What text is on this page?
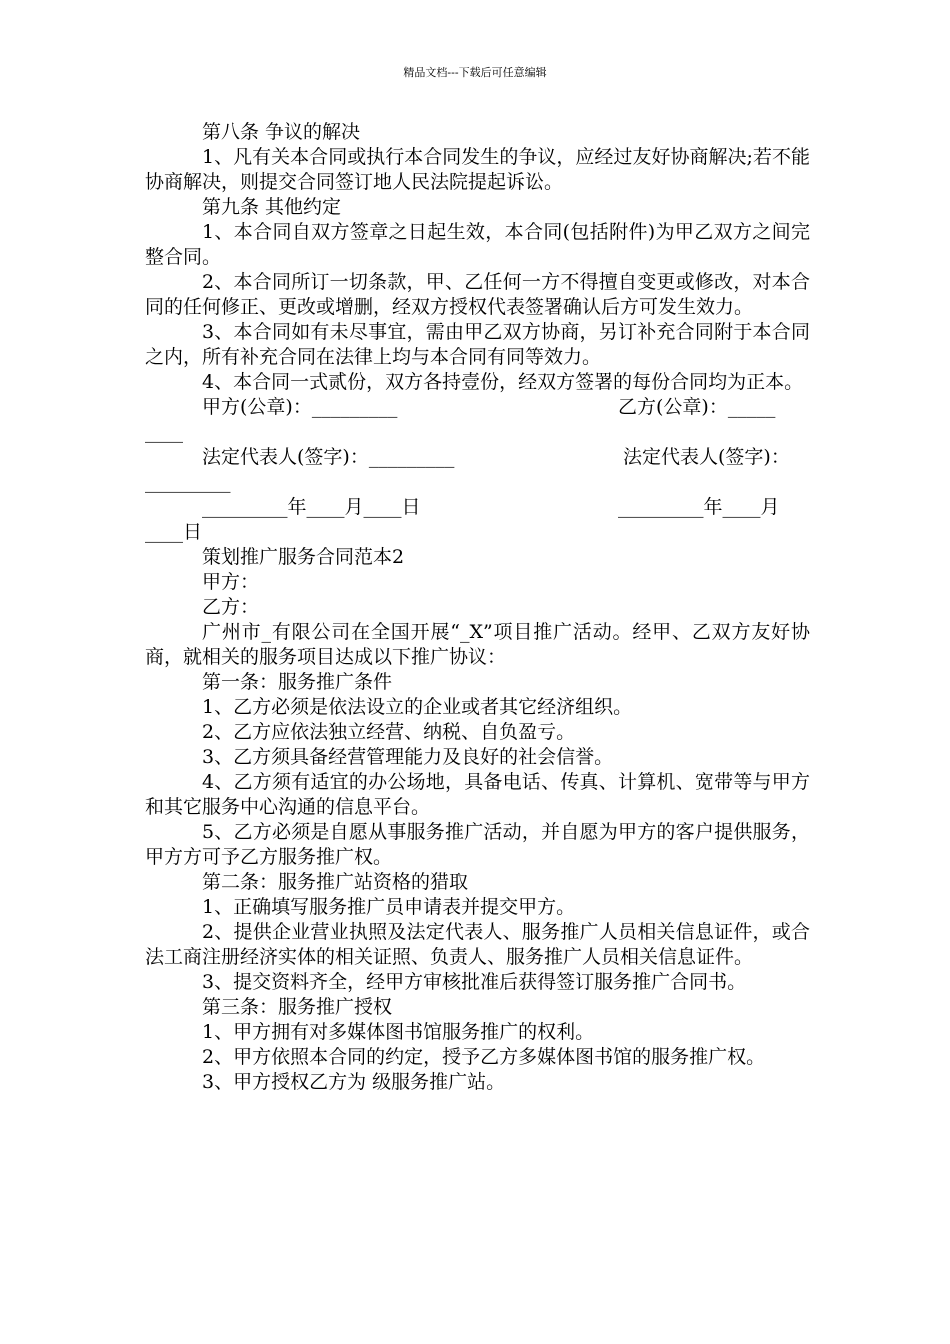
精品文档---下载后可任意编辑

第八条 争议的解决

1、凡有关本合同或执行本合同发生的争议，应经过友好协商解决;若不能协商解决，则提交合同签订地人民法院提起诉讼。

第九条 其他约定

1、本合同自双方签章之日起生效，本合同(包括附件)为甲乙双方之间完整合同。

2、本合同所订一切条款，甲、乙任何一方不得擅自变更或修改，对本合同的任何修正、更改或增删，经双方授权代表签署确认后方可发生效力。

3、本合同如有未尽事宜，需由甲乙双方协商，另订补充合同附于本合同之内，所有补充合同在法律上均与本合同有同等效力。

4、本合同一式贰份，双方各持壹份，经双方签署的每份合同均为正本。

甲方(公章)：_________	乙方(公章)：_____
____
法定代表人(签字)：_________	法定代表人(签字)：
_________
_________年____月____日	_________年____月
____日

策划推广服务合同范本2

甲方：

乙方：

广州市_有限公司在全国开展“_X”项目推广活动。经甲、乙双方友好协商，就相关的服务项目达成以下推广协议：

第一条：服务推广条件

1、乙方必须是依法设立的企业或者其它经济组织。

2、乙方应依法独立经营、纳税、自负盈亏。

3、乙方须具备经营管理能力及良好的社会信誉。

4、乙方须有适宜的办公场地，具备电话、传真、计算机、宽带等与甲方和其它服务中心沟通的信息平台。

5、乙方必须是自愿从事服务推广活动，并自愿为甲方的客户提供服务，甲方方可予乙方服务推广权。

第二条：服务推广站资格的猎取

1、正确填写服务推广员申请表并提交甲方。

2、提供企业营业执照及法定代表人、服务推广人员相关信息证件，或合法工商注册经济实体的相关证照、负责人、服务推广人员相关信息证件。

3、提交资料齐全，经甲方审核批准后获得签订服务推广合同书。

第三条：服务推广授权

1、甲方拥有对多媒体图书馆服务推广的权利。

2、甲方依照本合同的约定，授予乙方多媒体图书馆的服务推广权。

3、甲方授权乙方为 级服务推广站。
